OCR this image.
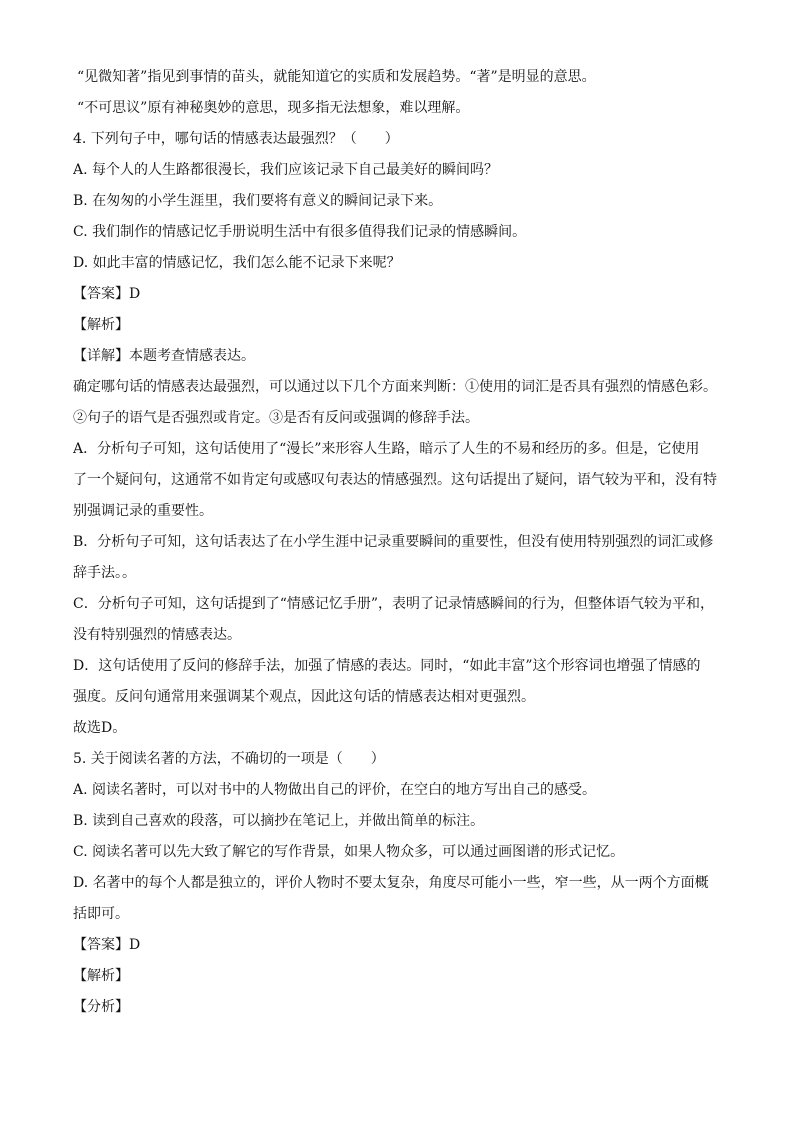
“见微知著”指见到事情的苗头，就能知道它的实质和发展趋势。“著”是明显的意思。
“不可思议”原有神秘奥妙的意思，现多指无法想象，难以理解。
4. 下列句子中，哪句话的情感表达最强烈？（　　）
A. 每个人的人生路都很漫长，我们应该记录下自己最美好的瞬间吗？
B. 在匆匆的小学生涯里，我们要将有意义的瞬间记录下来。
C. 我们制作的情感记忆手册说明生活中有很多值得我们记录的情感瞬间。
D. 如此丰富的情感记忆，我们怎么能不记录下来呢？
【答案】D
【解析】
【详解】本题考查情感表达。
确定哪句话的情感表达最强烈，可以通过以下几个方面来判断：①使用的词汇是否具有强烈的情感色彩。
②句子的语气是否强烈或肯定。③是否有反问或强调的修辞手法。
A．分析句子可知，这句话使用了“漫长”来形容人生路，暗示了人生的不易和经历的多。但是，它使用
了一个疑问句，这通常不如肯定句或感叹句表达的情感强烈。这句话提出了疑问，语气较为平和，没有特
别强调记录的重要性。
B．分析句子可知，这句话表达了在小学生涯中记录重要瞬间的重要性，但没有使用特别强烈的词汇或修
辞手法。。
C．分析句子可知，这句话提到了“情感记忆手册”，表明了记录情感瞬间的行为，但整体语气较为平和，
没有特别强烈的情感表达。
D．这句话使用了反问的修辞手法，加强了情感的表达。同时，“如此丰富”这个形容词也增强了情感的
强度。反问句通常用来强调某个观点，因此这句话的情感表达相对更强烈。
故选D。
5. 关于阅读名著的方法，不确切的一项是（　　）
A. 阅读名著时，可以对书中的人物做出自己的评价，在空白的地方写出自己的感受。
B. 读到自己喜欢的段落，可以摘抄在笔记上，并做出简单的标注。
C. 阅读名著可以先大致了解它的写作背景，如果人物众多，可以通过画图谱的形式记忆。
D. 名著中的每个人都是独立的，评价人物时不要太复杂，角度尽可能小一些，窄一些，从一两个方面概
括即可。
【答案】D
【解析】
【分析】
